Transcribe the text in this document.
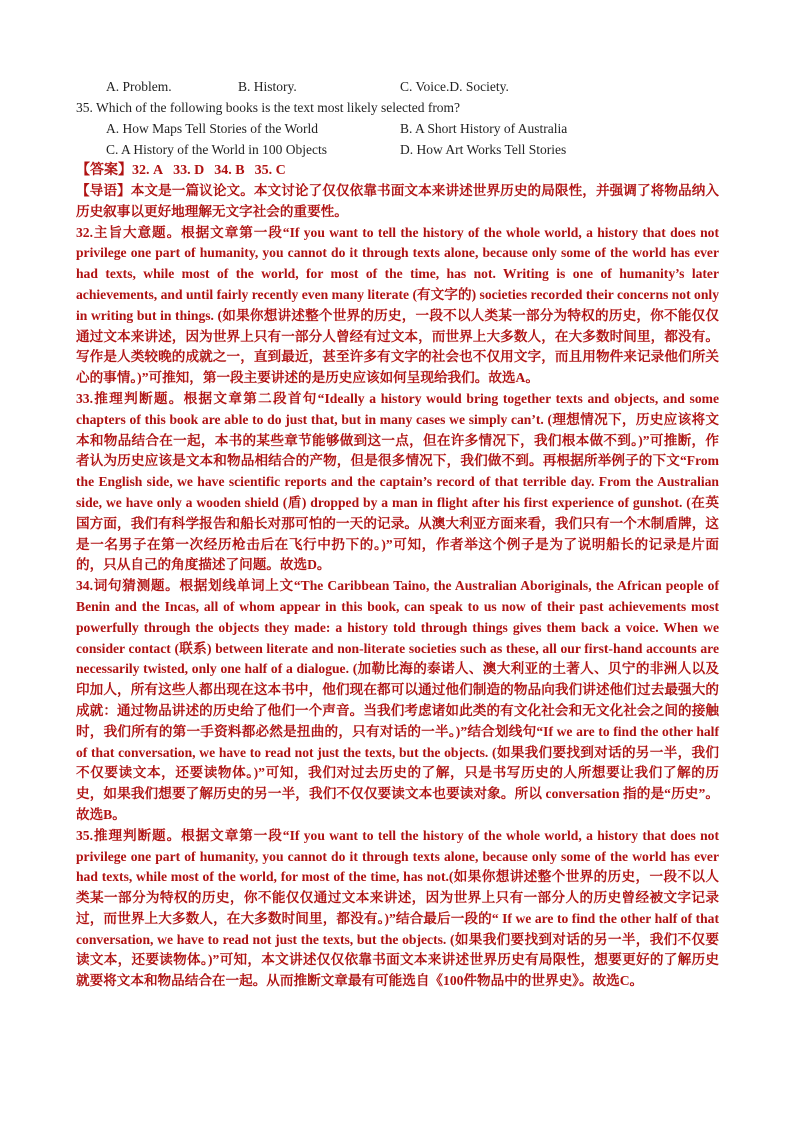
A. Problem.	B. History.	C. Voice.D. Society.
35. Which of the following books is the text most likely selected from?
A. How Maps Tell Stories of the World	B. A Short History of Australia
C. A History of the World in 100 Objects	D. How Art Works Tell Stories
【答案】32. A 33. D 34. B 35. C

【导语】本文是一篇议论文。本文讨论了仅仅依靠书面文本来讲述世界历史的局限性，并强调了将物品纳入历史叙事以更好地理解无文字社会的重要性。

32.主旨大意题。根据文章第一段“If you want to tell the history of the whole world, a history that does not privilege one part of humanity, you cannot do it through texts alone, because only some of the world has ever had texts, while most of the world, for most of the time, has not. Writing is one of humanity’s later achievements, and until fairly recently even many literate (有文字的) societies recorded their concerns not only in writing but in things. (如果你想讲述整个世界的历史，一段不以人类某一部分为特权的历史，你不能仅仅通过文本来讲述，因为世界上只有一部分人曾经有过文本，而世界上大多数人，在大多数时间里，都没有。写作是人类较晚的成就之一，直到最近，甚至许多有文字的社会也不仅用文字，而且用物件来记录他们所关心的事情。)”可推知，第一段主要讲述的是历史应该如何呈现给我们。故选A。

33.推理判断题。根据文章第二段首句“Ideally a history would bring together texts and objects, and some chapters of this book are able to do just that, but in many cases we simply can’t. (理想情况下，历史应该将文本和物品结合在一起，本书的某些章节能够做到这一点，但在许多情况下，我们根本做不到。)”可推断，作者认为历史应该是文本和物品相结合的产物，但是很多情况下，我们做不到。再根据所举例子的下文“From the English side, we have scientific reports and the captain’s record of that terrible day. From the Australian side, we have only a wooden shield (盾) dropped by a man in flight after his first experience of gunshot. (在英国方面，我们有科学报告和船长对那可怕的一天的记录。从澳大利亚方面来看，我们只有一个木制盾牌，这是一名男子在第一次经历枪击后在飞行中扔下的。)”可知，作者举这个例子是为了说明船长的记录是片面的，只从自己的角度描述了问题。故选D。

34.词句猜测题。根据划线单词上文“The Caribbean Taino, the Australian Aboriginals, the African people of Benin and the Incas, all of whom appear in this book, can speak to us now of their past achievements most powerfully through the objects they made: a history told through things gives them back a voice. When we consider contact (联系) between literate and non-literate societies such as these, all our first-hand accounts are necessarily twisted, only one half of a dialogue. (加勒比海的泰诺人、澳大利亚的土著人、贝宁的非洲人以及印加人，所有这些人都出现在这本书中，他们现在都可以通过他们制造的物品向我们讲述他们过去最强大的成就：通过物品讲述的历史给了他们一个声音。当我们考虑诸如此类的有文化社会和无文化社会之间的接触时，我们所有的第一手资料都必然是扭曲的，只有对话的一半。)”结合划线句“If we are to find the other half of that conversation, we have to read not just the texts, but the objects. (如果我们要找到对话的另一半，我们不仅要读文本，还要读物体。)”可知，我们对过去历史的了解，只是书写历史的人所想要让我们了解的历史，如果我们想要了解历史的另一半，我们不仅仅要读文本也要读对象。所以 conversation 指的是“历史”。故选B。

35.推理判断题。根据文章第一段“If you want to tell the history of the whole world, a history that does not privilege one part of humanity, you cannot do it through texts alone, because only some of the world has ever had texts, while most of the world, for most of the time, has not.(如果你想讲述整个世界的历史，一段不以人类某一部分为特权的历史，你不能仅仅通过文本来讲述，因为世界上只有一部分人的历史曾经被文字记录过，而世界上大多数人，在大多数时间里，都没有。)”结合最后一段的“ If we are to find the other half of that conversation, we have to read not just the texts, but the objects. (如果我们要找到对话的另一半，我们不仅要读文本，还要读物体。)”可知，本文讲述仅仅依靠书面文本来讲述世界历史有局限性，想要更好的了解历史就要将文本和物品结合在一起。从而推断文章最有可能选自《100件物品中的世界史》。故选C。
